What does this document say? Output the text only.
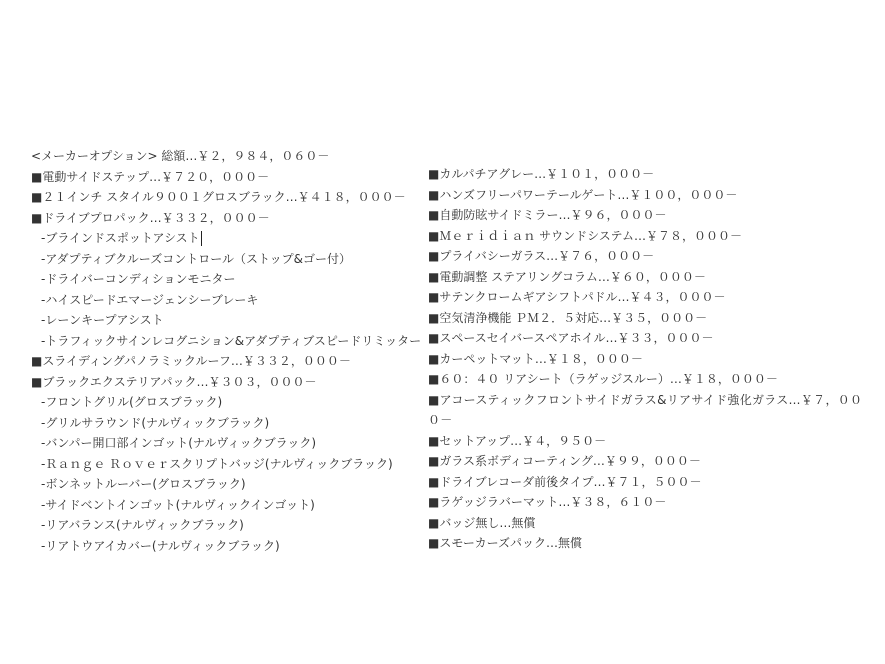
<メーカーオプション> 総額…￥２，９８４，０６０－
■電動サイドステップ…￥７２０，０００－
■２１インチ スタイル９００１グロスブラック…￥４１８，０００－
■ドライブプロパック…￥３３２，０００－
-ブラインドスポットアシスト
-アダプティブクルーズコントロール（ストップ&ゴー付）
-ドライバーコンディションモニター
-ハイスピードエマージェンシーブレーキ
-レーンキープアシスト
-トラフィックサインレコグニション&アダプティブスピードリミッター
■スライディングパノラミックルーフ…￥３３２，０００－
■ブラックエクステリアパック…￥３０３，０００－
-フロントグリル(グロスブラック)
-グリルサラウンド(ナルヴィックブラック)
-バンパー開口部インゴット(ナルヴィックブラック)
-Ｒａｎｇｅ Ｒｏｖｅｒスクリプトバッジ(ナルヴィックブラック)
-ボンネットルーバー(グロスブラック)
-サイドベントインゴット(ナルヴィックインゴット)
-リアバランス(ナルヴィックブラック)
-リアトウアイカバー(ナルヴィックブラック)
■カルパチアグレー…￥１０１，０００－
■ハンズフリーパワーテールゲート…￥１００，０００－
■自動防眩サイドミラー…￥９６，０００－
■Ｍｅｒｉｄｉａｎ サウンドシステム…￥７８，０００－
■プライバシーガラス…￥７６，０００－
■電動調整 ステアリングコラム…￥６０，０００－
■サテンクロームギアシフトパドル…￥４３，０００－
■空気清浄機能 ＰＭ２．５対応…￥３５，０００－
■スペースセイバースペアホイル…￥３３，０００－
■カーペットマット…￥１８，０００－
■６０：４０ リアシート（ラゲッジスルー）…￥１８，０００－
■アコースティックフロントサイドガラス&リアサイド強化ガラス…￥７，０００－
■セットアップ…￥４，９５０－
■ガラス系ボディコーティング…￥９９，０００－
■ドライブレコーダ前後タイプ…￥７１，５００－
■ラゲッジラバーマット…￥３８，６１０－
■バッジ無し…無償
■スモーカーズパック…無償
